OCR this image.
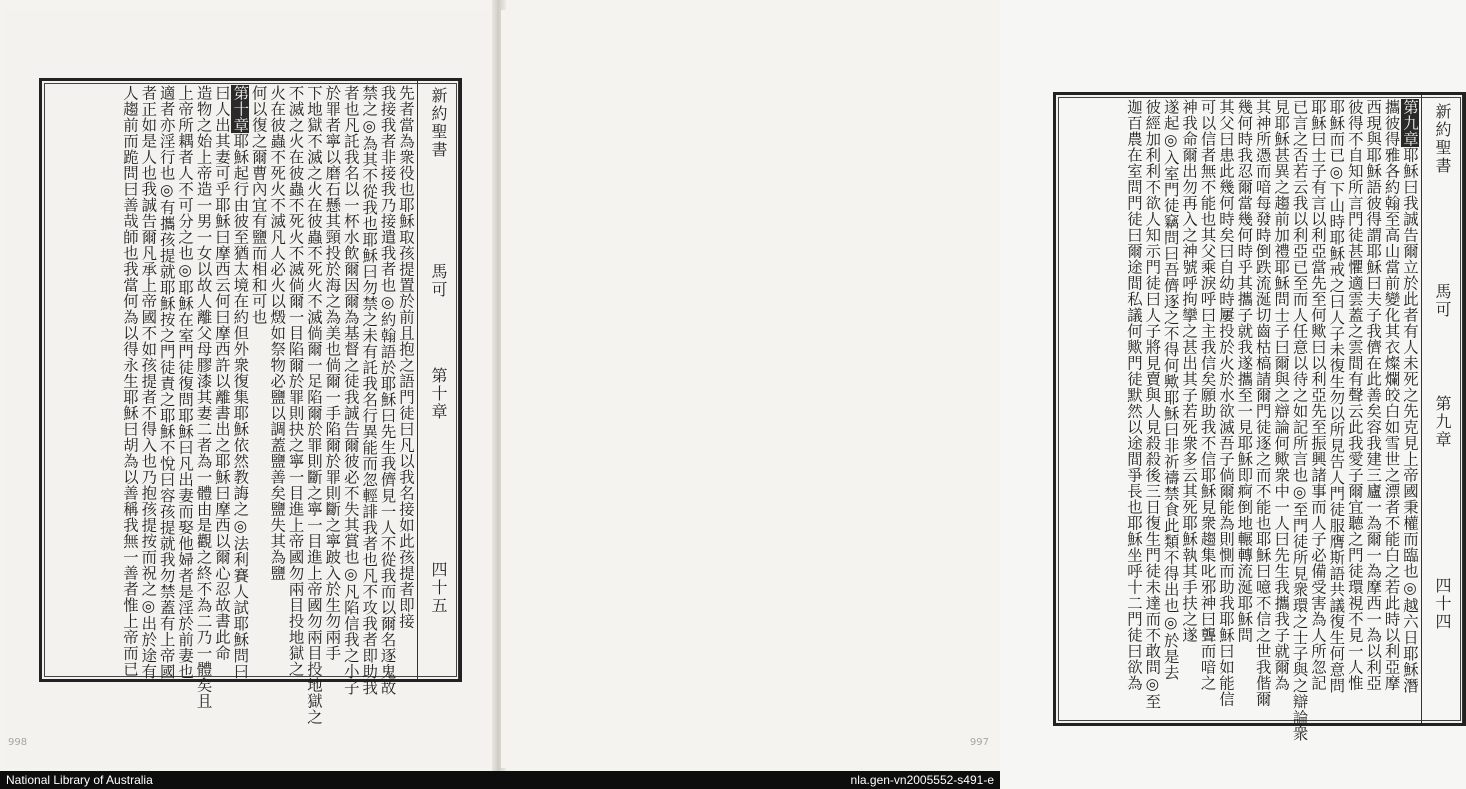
新約聖書
馬可
第十章
四十五
先者當為衆役也耶穌取孩提置於前且抱之語門徒曰凡以我名接如此孩提者即接
我接我者非接我乃接遣我者也◎約翰語於耶穌曰先生我儕見一人不從我而以爾名逐鬼故
禁之◎為其不從我也耶穌曰勿禁之未有託我名行異能而忽輕誹我者也凡不攻我者即助我
者也凡託我名以一杯水飲爾因爾為基督之徒我誠告爾彼必不失其賞也◎凡陷信我之小子
於罪者寧以磨石懸其頸投於海之為美也倘爾一手陷爾於罪則斷之寧跛入於生勿兩手
下地獄不滅之火在彼蟲不死火不滅倘爾一足陷爾於罪則斷之寧一目進上帝國勿兩目投地獄之
不滅之火在彼蟲不死火不滅倘爾一目陷爾於罪則抉之寧一目進上帝國勿兩目投地獄之
火在彼蟲不死火不滅凡人必火以燬如祭物必鹽以調蓋鹽善矣鹽失其為鹽
何以復之爾曹內宜有鹽而相和可也
第十章耶穌起行由彼至猶太境在約但外衆復集耶穌依然教誨之◎法利賽人試耶穌問曰
曰人出其妻可乎耶穌曰摩西云何曰摩西許以離書出之耶穌曰摩西以爾心忍故書此命
造物之始上帝造一男一女以故人離父母膠漆其妻二者為一體由是觀之終不為二乃一體矣且
上帝所耦者人不可分之也◎耶穌在室門徒復問耶穌曰凡出妻而娶他婦者是淫於前妻也
適者亦淫行也◎有攜孩提就耶穌按之門徒責之耶穌不悅曰容孩提就我勿禁蓋有上帝國
者正如是人也我誠告爾凡承上帝國不如孩提者不得入也乃抱孩提按而祝之◎出於途有
人趨前而跪問曰善哉師也我當何為以得永生耶穌曰胡為以善稱我無一善者惟上帝而已
998
新約聖書
馬可
第九章
四十四
第九章耶穌曰我誠告爾立於此者有人未死之先克見上帝國秉權而臨也◎越六日耶穌潛
攜彼得雅各約翰至高山當前變化其衣燦爛皎白如雪世之漂者不能白之若此時以利亞摩
西現與耶穌語彼得謂耶穌曰夫子我儕在此善矣容我建三廬一為爾一為摩西一為以利亞
彼得不自知所言門徒甚懼適雲蓋之雲間有聲云此我愛子爾宜聽之門徒環視不見一人惟
耶穌而已◎下山時耶穌戒之曰人子未復生勿以所見告人門徒服膺斯語共議復生何意問
耶穌曰士子有言以利亞當先至何歟曰以利亞先至振興諸事而人子必備受害為人所忽記
已言之否若云我以利亞已至而人任意以待之如記所言也◎至門徒所見衆環之士子與之辯論衆
見耶穌甚異之趨前加禮耶穌問士子曰爾與之辯論何歟衆中一人曰先生我攜我子就爾為
其神所憑而喑每發時倒跌流涎切齒枯槁請爾門徒逐之而不能也耶穌曰噫不信之世我偕爾
幾何時我忍爾當幾何時乎其攜子就我遂攜至一見耶穌即痾倒地輾轉流涎耶穌問
其父曰患此幾何時矣曰自幼時屢投於火於水欲滅吾子倘爾能為則惻而助我耶穌曰如能信
可以信者無不能也其父乘淚呼曰主我信矣願助我不信耶穌見衆趨集叱邪神曰聾而喑之
神我命爾出勿再入之神號呼拘攣之甚出其子若死衆多云其死耶穌執其手扶之遂
遂起◎入室門徒竊問曰吾儕逐之不得何歟耶穌曰非祈禱禁食此類不得出也◎於是去
彼經加利利不欲人知示門徒曰人子將見賣與人見殺殺後三日復生門徒未達而不敢問◎至
迦百農在室問門徒曰爾途間私議何歟門徒默然以途間爭長也耶穌坐呼十二門徒曰欲為
997
National Library of Australia	nla.gen-vn2005552-s491-e
